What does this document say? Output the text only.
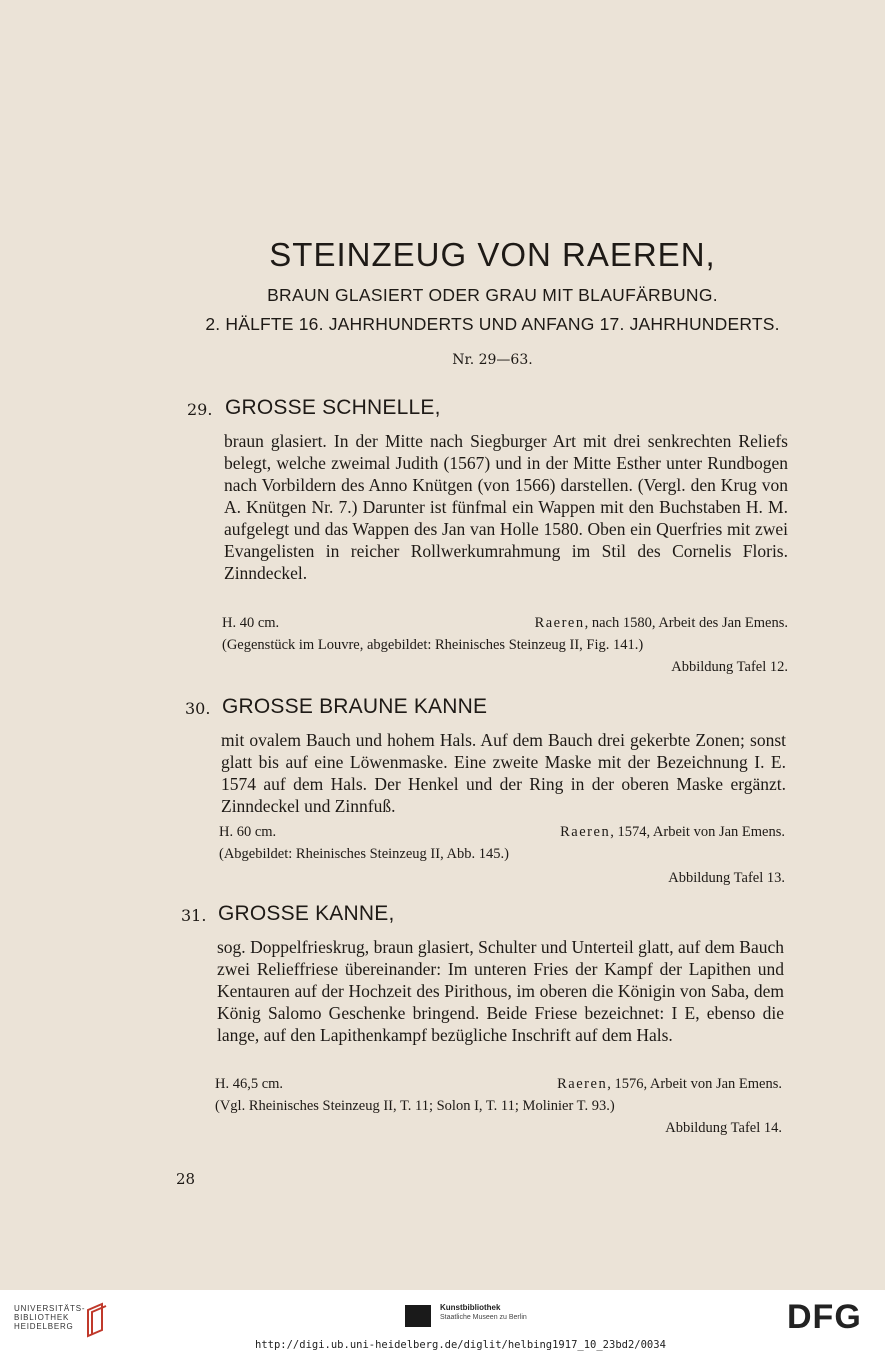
STEINZEUG VON RAEREN,
BRAUN GLASIERT ODER GRAU MIT BLAUFÄRBUNG.
2. HÄLFTE 16. JAHRHUNDERTS UND ANFANG 17. JAHRHUNDERTS.
Nr. 29—63.
29. GROSSE SCHNELLE,

braun glasiert. In der Mitte nach Siegburger Art mit drei senkrechten Reliefs belegt, welche zweimal Judith (1567) und in der Mitte Esther unter Rundbogen nach Vorbildern des Anno Knütgen (von 1566) darstellen. (Vergl. den Krug von A. Knütgen Nr. 7.) Darunter ist fünfmal ein Wappen mit den Buchstaben H. M. aufgelegt und das Wappen des Jan van Holle 1580. Oben ein Querfries mit zwei Evangelisten in reicher Rollwerkumrahmung im Stil des Cornelis Floris. Zinndeckel.

H. 40 cm.	Raeren, nach 1580, Arbeit des Jan Emens.
(Gegenstück im Louvre, abgebildet: Rheinisches Steinzeug II, Fig. 141.)
Abbildung Tafel 12.
30. GROSSE BRAUNE KANNE

mit ovalem Bauch und hohem Hals. Auf dem Bauch drei gekerbte Zonen; sonst glatt bis auf eine Löwenmaske. Eine zweite Maske mit der Bezeichnung I. E. 1574 auf dem Hals. Der Henkel und der Ring in der oberen Maske ergänzt. Zinndeckel und Zinnfuß.

H. 60 cm.	Raeren, 1574, Arbeit von Jan Emens.
(Abgebildet: Rheinisches Steinzeug II, Abb. 145.)
Abbildung Tafel 13.
31. GROSSE KANNE,

sog. Doppelfrieskrug, braun glasiert, Schulter und Unterteil glatt, auf dem Bauch zwei Relieffriese übereinander: Im unteren Fries der Kampf der Lapithen und Kentauren auf der Hochzeit des Pirithous, im oberen die Königin von Saba, dem König Salomo Geschenke bringend. Beide Friese bezeichnet: I E, ebenso die lange, auf den Lapithenkampf bezügliche Inschrift auf dem Hals.

H. 46,5 cm.	Raeren, 1576, Arbeit von Jan Emens.
(Vgl. Rheinisches Steinzeug II, T. 11; Solon I, T. 11; Molinier T. 93.)
Abbildung Tafel 14.
28
UNIVERSITÄTS-
BIBLIOTHEK
HEIDELBERG
Kunstbibliothek
Staatliche Museen zu Berlin	DFG
http://digi.ub.uni-heidelberg.de/diglit/helbing1917_10_23bd2/0034
